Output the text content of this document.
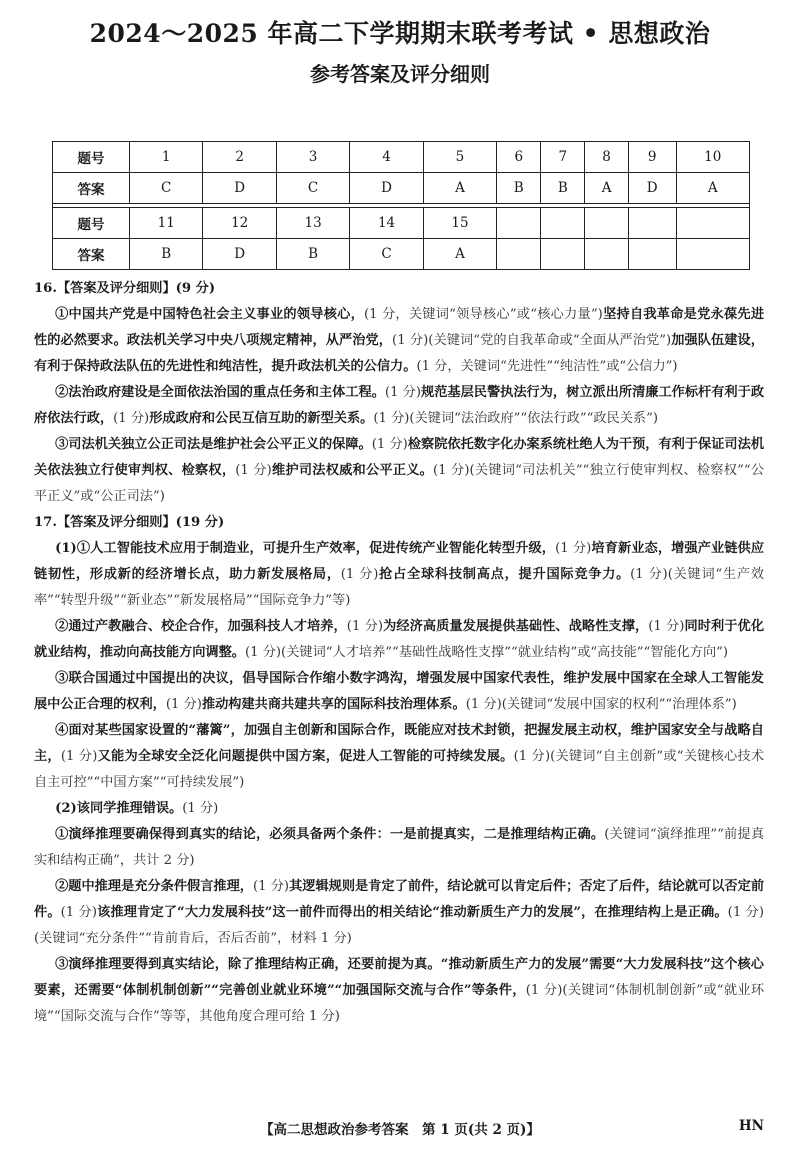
2024～2025 年高二下学期期末联考考试 • 思想政治
参考答案及评分细则
题号	1	2	3	4	5	6	7	8	9	10
答案	C	D	C	D	A	B	B	A	D	A

题号	11	12	13	14	15					
答案	B	D	B	C	A					
16.【答案及评分细则】(9 分)
①中国共产党是中国特色社会主义事业的领导核心，(1 分，关键词“领导核心”或“核心力量”)坚持自我革命是党永葆先进性的必然要求。政法机关学习中央八项规定精神，从严治党，(1 分)(关键词“党的自我革命或“全面从严治党”)加强队伍建设，有利于保持政法队伍的先进性和纯洁性，提升政法机关的公信力。(1 分，关键词“先进性”“纯洁性”或“公信力”)
②法治政府建设是全面依法治国的重点任务和主体工程。(1 分)规范基层民警执法行为，树立派出所清廉工作标杆有利于政府依法行政，(1 分)形成政府和公民互信互助的新型关系。(1 分)(关键词“法治政府”“依法行政”“政民关系”)
③司法机关独立公正司法是维护社会公平正义的保障。(1 分)检察院依托数字化办案系统杜绝人为干预，有利于保证司法机关依法独立行使审判权、检察权，(1 分)维护司法权威和公平正义。(1 分)(关键词“司法机关”“独立行使审判权、检察权”“公平正义”或“公正司法”)
17.【答案及评分细则】(19 分)
(1)①人工智能技术应用于制造业，可提升生产效率，促进传统产业智能化转型升级，(1 分)培育新业态，增强产业链供应链韧性，形成新的经济增长点，助力新发展格局，(1 分)抢占全球科技制高点，提升国际竞争力。(1 分)(关键词“生产效率”“转型升级”“新业态”“新发展格局”“国际竞争力”等)
②通过产教融合、校企合作，加强科技人才培养，(1 分)为经济高质量发展提供基础性、战略性支撑，(1 分)同时利于优化就业结构，推动向高技能方向调整。(1 分)(关键词“人才培养”“基础性战略性支撑”“就业结构”或“高技能”“智能化方向”)
③联合国通过中国提出的决议，倡导国际合作缩小数字鸿沟，增强发展中国家代表性，维护发展中国家在全球人工智能发展中公正合理的权利，(1 分)推动构建共商共建共享的国际科技治理体系。(1 分)(关键词“发展中国家的权利”“治理体系”)
④面对某些国家设置的“藩篱”，加强自主创新和国际合作，既能应对技术封锁，把握发展主动权，维护国家安全与战略自主，(1 分)又能为全球安全泛化问题提供中国方案，促进人工智能的可持续发展。(1 分)(关键词“自主创新”或“关键核心技术自主可控”“中国方案”“可持续发展”)
(2)该同学推理错误。(1 分)
①演绎推理要确保得到真实的结论，必须具备两个条件：一是前提真实，二是推理结构正确。(关键词“演绎推理”“前提真实和结构正确”，共计 2 分)
②题中推理是充分条件假言推理，(1 分)其逻辑规则是肯定了前件，结论就可以肯定后件；否定了后件，结论就可以否定前件。(1 分)该推理肯定了“大力发展科技”这一前件而得出的相关结论“推动新质生产力的发展”，在推理结构上是正确。(1 分)(关键词“充分条件”“肯前肯后，否后否前”，材料 1 分)
③演绎推理要得到真实结论，除了推理结构正确，还要前提为真。“推动新质生产力的发展”需要“大力发展科技”这个核心要素，还需要“体制机制创新”“完善创业就业环境”“加强国际交流与合作”等条件，(1 分)(关键词“体制机制创新”或“就业环境”“国际交流与合作”等等，其他角度合理可给 1 分)
【高二思想政治参考答案　第 1 页(共 2 页)】	HN
